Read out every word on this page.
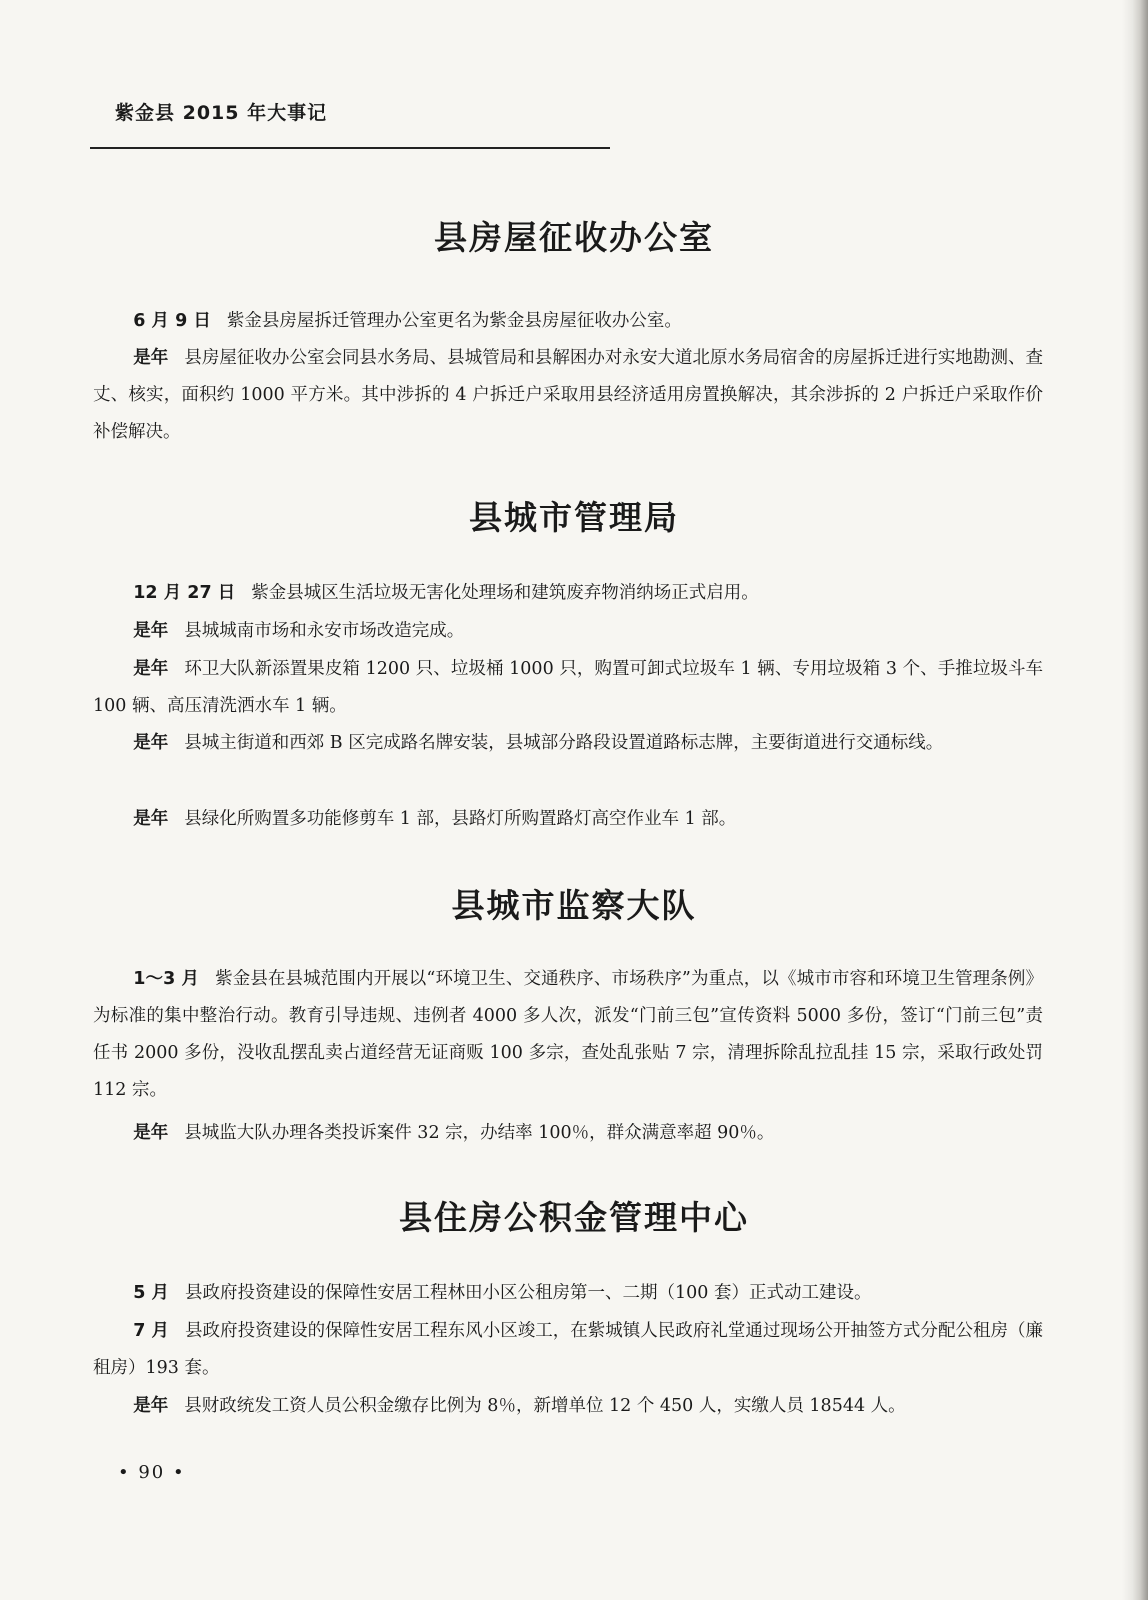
紫金县 2015 年大事记
县房屋征收办公室

6 月 9 日 紫金县房屋拆迁管理办公室更名为紫金县房屋征收办公室。

是年 县房屋征收办公室会同县水务局、县城管局和县解困办对永安大道北原水务局宿舍的房屋拆迁进行实地勘测、查丈、核实，面积约 1000 平方米。其中涉拆的 4 户拆迁户采取用县经济适用房置换解决，其余涉拆的 2 户拆迁户采取作价补偿解决。

县城市管理局

12 月 27 日 紫金县城区生活垃圾无害化处理场和建筑废弃物消纳场正式启用。

是年 县城城南市场和永安市场改造完成。

是年 环卫大队新添置果皮箱 1200 只、垃圾桶 1000 只，购置可卸式垃圾车 1 辆、专用垃圾箱 3 个、手推垃圾斗车 100 辆、高压清洗洒水车 1 辆。

是年 县城主街道和西郊 B 区完成路名牌安装，县城部分路段设置道路标志牌，主要街道进行交通标线。

是年 县绿化所购置多功能修剪车 1 部，县路灯所购置路灯高空作业车 1 部。

县城市监察大队

1～3 月 紫金县在县城范围内开展以“环境卫生、交通秩序、市场秩序”为重点，以《城市市容和环境卫生管理条例》为标准的集中整治行动。教育引导违规、违例者 4000 多人次，派发“门前三包”宣传资料 5000 多份，签订“门前三包”责任书 2000 多份，没收乱摆乱卖占道经营无证商贩 100 多宗，查处乱张贴 7 宗，清理拆除乱拉乱挂 15 宗，采取行政处罚 112 宗。

是年 县城监大队办理各类投诉案件 32 宗，办结率 100％，群众满意率超 90％。

县住房公积金管理中心

5 月 县政府投资建设的保障性安居工程林田小区公租房第一、二期（100 套）正式动工建设。

7 月 县政府投资建设的保障性安居工程东风小区竣工，在紫城镇人民政府礼堂通过现场公开抽签方式分配公租房（廉租房）193 套。

是年 县财政统发工资人员公积金缴存比例为 8％，新增单位 12 个 450 人，实缴人员 18544 人。

• 90 •
